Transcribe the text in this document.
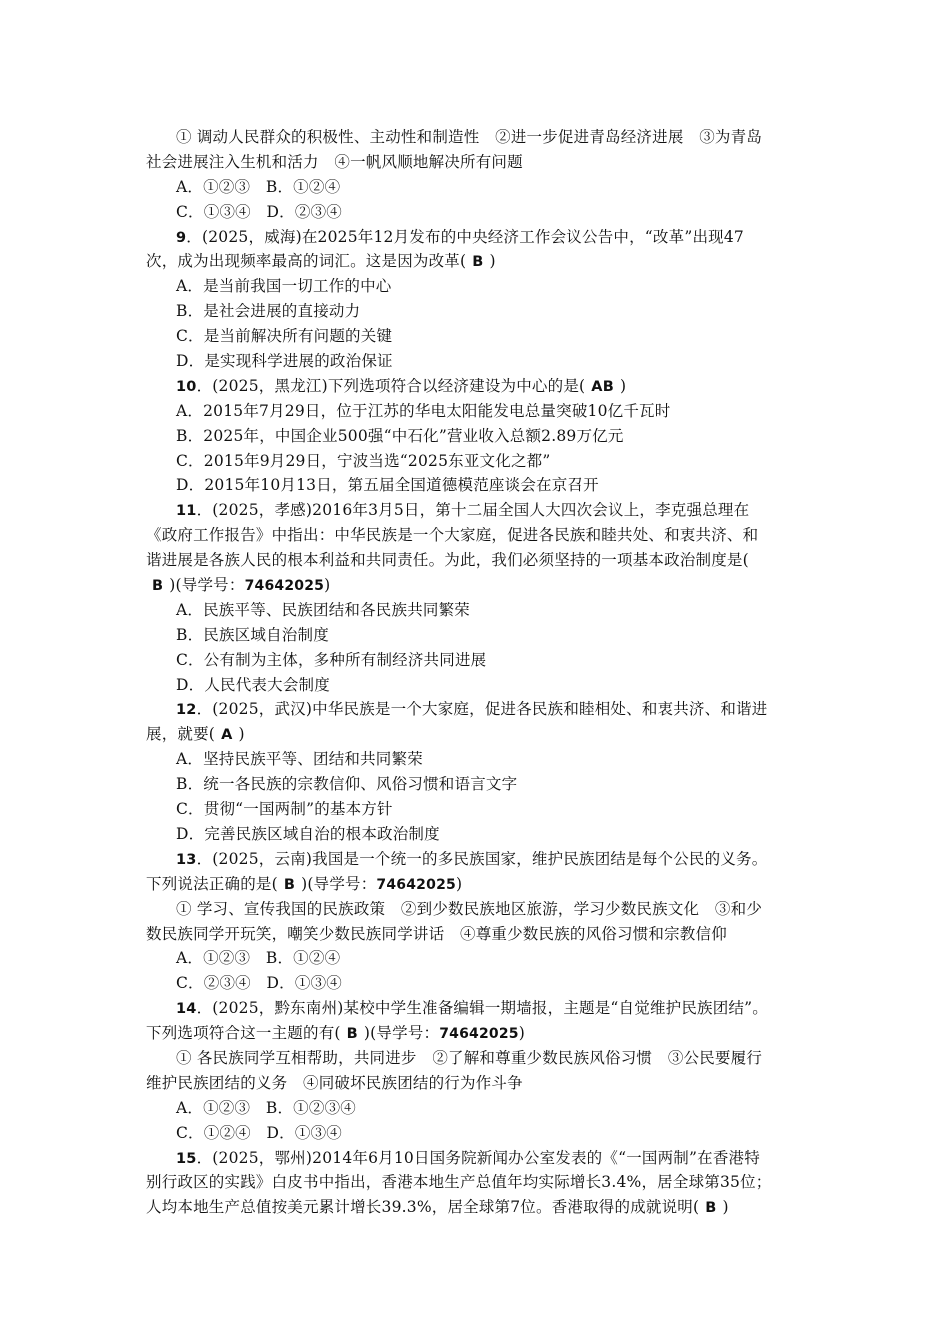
① 调动人民群众的积极性、主动性和制造性　②进一步促进青岛经济进展　③为青岛
社会进展注入生机和活力　④一帆风顺地解决所有问题
A．①②③　B．①②④
C．①③④　D．②③④
9．(2025，威海)在2025年12月发布的中央经济工作会议公告中，“改革”出现47
次，成为出现频率最高的词汇。这是因为改革( B )
A．是当前我国一切工作的中心
B．是社会进展的直接动力
C．是当前解决所有问题的关键
D．是实现科学进展的政治保证
10．(2025，黑龙江)下列选项符合以经济建设为中心的是( AB )
A．2015年7月29日，位于江苏的华电太阳能发电总量突破10亿千瓦时
B．2025年，中国企业500强“中石化”营业收入总额2.89万亿元
C．2015年9月29日，宁波当选“2025东亚文化之都”
D．2015年10月13日，第五届全国道德模范座谈会在京召开
11．(2025，孝感)2016年3月5日，第十二届全国人大四次会议上，李克强总理在
《政府工作报告》中指出：中华民族是一个大家庭，促进各民族和睦共处、和衷共济、和
谐进展是各族人民的根本利益和共同责任。为此，我们必须坚持的一项基本政治制度是(
B )(导学号：74642025)
A．民族平等、民族团结和各民族共同繁荣
B．民族区域自治制度
C．公有制为主体，多种所有制经济共同进展
D．人民代表大会制度
12．(2025，武汉)中华民族是一个大家庭，促进各民族和睦相处、和衷共济、和谐进
展，就要( A )
A．坚持民族平等、团结和共同繁荣
B．统一各民族的宗教信仰、风俗习惯和语言文字
C．贯彻“一国两制”的基本方针
D．完善民族区域自治的根本政治制度
13．(2025，云南)我国是一个统一的多民族国家，维护民族团结是每个公民的义务。
下列说法正确的是( B )(导学号：74642025)
① 学习、宣传我国的民族政策　②到少数民族地区旅游，学习少数民族文化　③和少
数民族同学开玩笑，嘲笑少数民族同学讲话　④尊重少数民族的风俗习惯和宗教信仰
A．①②③　B．①②④
C．②③④　D．①③④
14．(2025，黔东南州)某校中学生准备编辑一期墙报，主题是“自觉维护民族团结”。
下列选项符合这一主题的有( B )(导学号：74642025)
① 各民族同学互相帮助，共同进步　②了解和尊重少数民族风俗习惯　③公民要履行
维护民族团结的义务　④同破坏民族团结的行为作斗争
A．①②③　B．①②③④
C．①②④　D．①③④
15．(2025，鄂州)2014年6月10日国务院新闻办公室发表的《“一国两制”在香港特
别行政区的实践》白皮书中指出，香港本地生产总值年均实际增长3.4%，居全球第35位；
人均本地生产总值按美元累计增长39.3%，居全球第7位。香港取得的成就说明( B )
